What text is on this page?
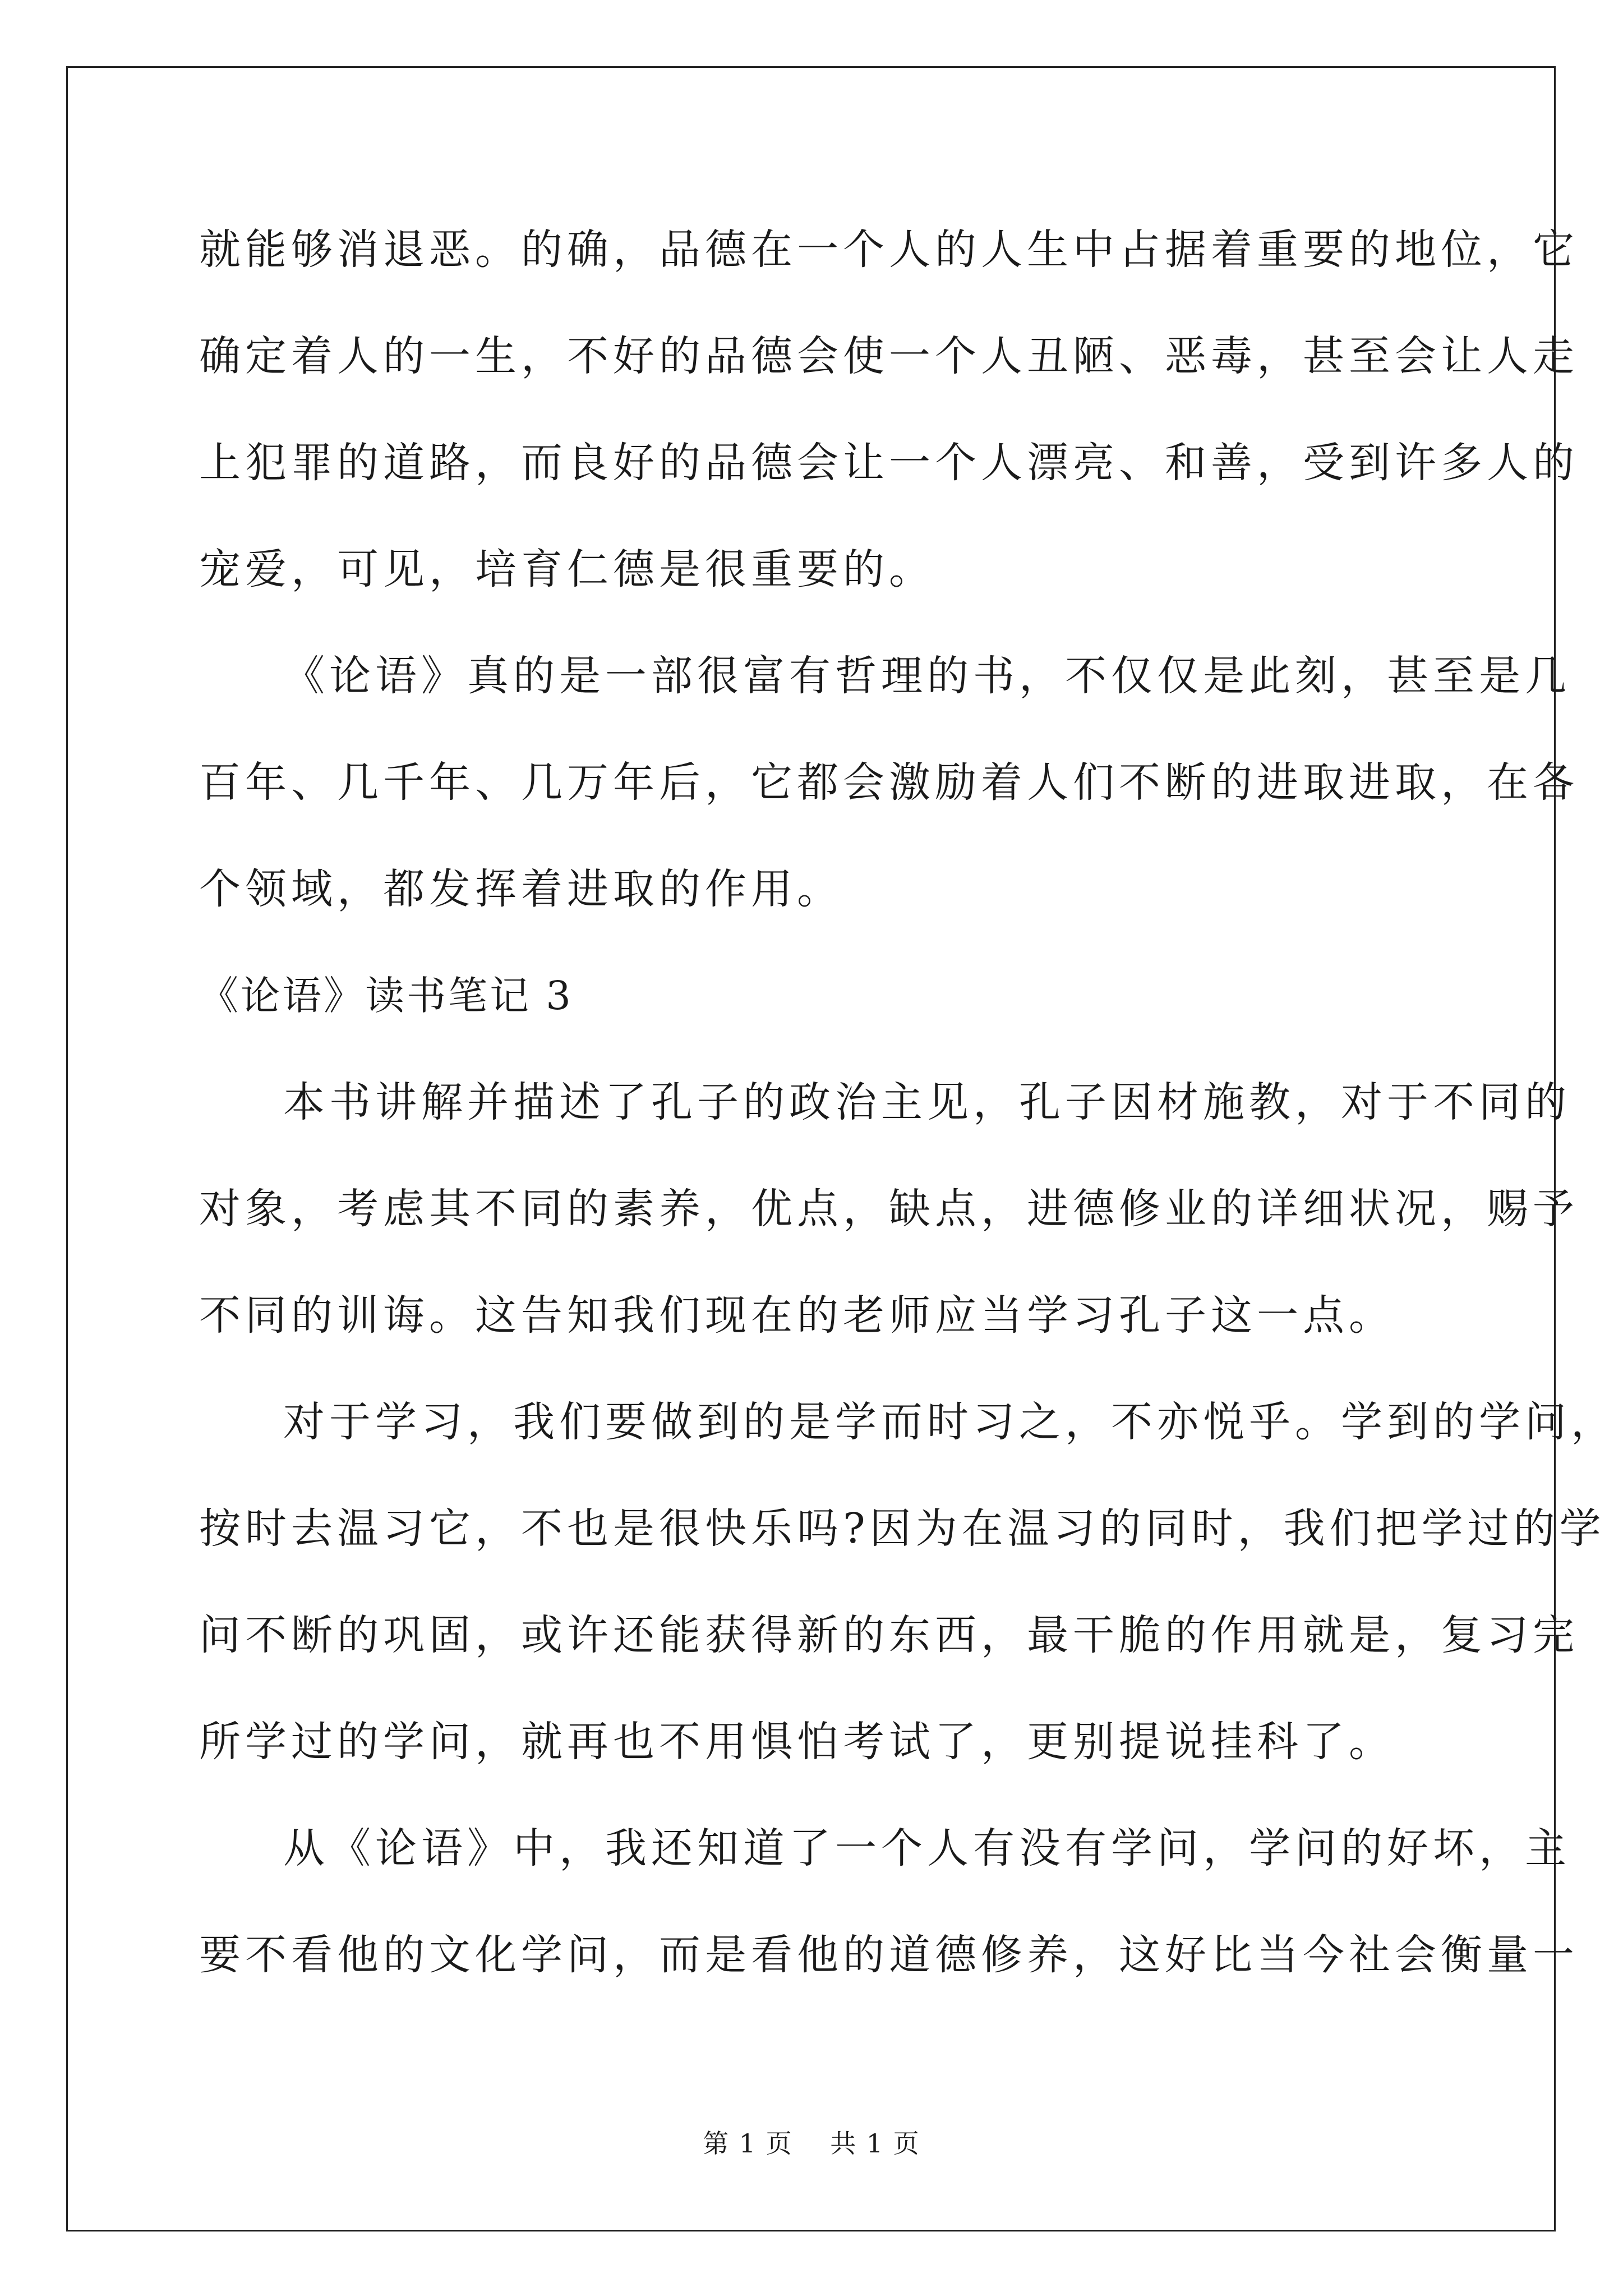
就能够消退恶。的确，品德在一个人的人生中占据着重要的地位，它
确定着人的一生，不好的品德会使一个人丑陋、恶毒，甚至会让人走
上犯罪的道路，而良好的品德会让一个人漂亮、和善，受到许多人的
宠爱，可见，培育仁德是很重要的。
《论语》真的是一部很富有哲理的书，不仅仅是此刻，甚至是几
百年、几千年、几万年后，它都会激励着人们不断的进取进取，在各
个领域，都发挥着进取的作用。
《论语》读书笔记 3
本书讲解并描述了孔子的政治主见，孔子因材施教，对于不同的
对象，考虑其不同的素养，优点，缺点，进德修业的详细状况，赐予
不同的训诲。这告知我们现在的老师应当学习孔子这一点。
对于学习，我们要做到的是学而时习之，不亦悦乎。学到的学问，
按时去温习它，不也是很快乐吗?因为在温习的同时，我们把学过的学
问不断的巩固，或许还能获得新的东西，最干脆的作用就是，复习完
所学过的学问，就再也不用惧怕考试了，更别提说挂科了。
从《论语》中，我还知道了一个人有没有学问，学问的好坏，主
要不看他的文化学问，而是看他的道德修养，这好比当今社会衡量一
第 1 页    共 1 页
